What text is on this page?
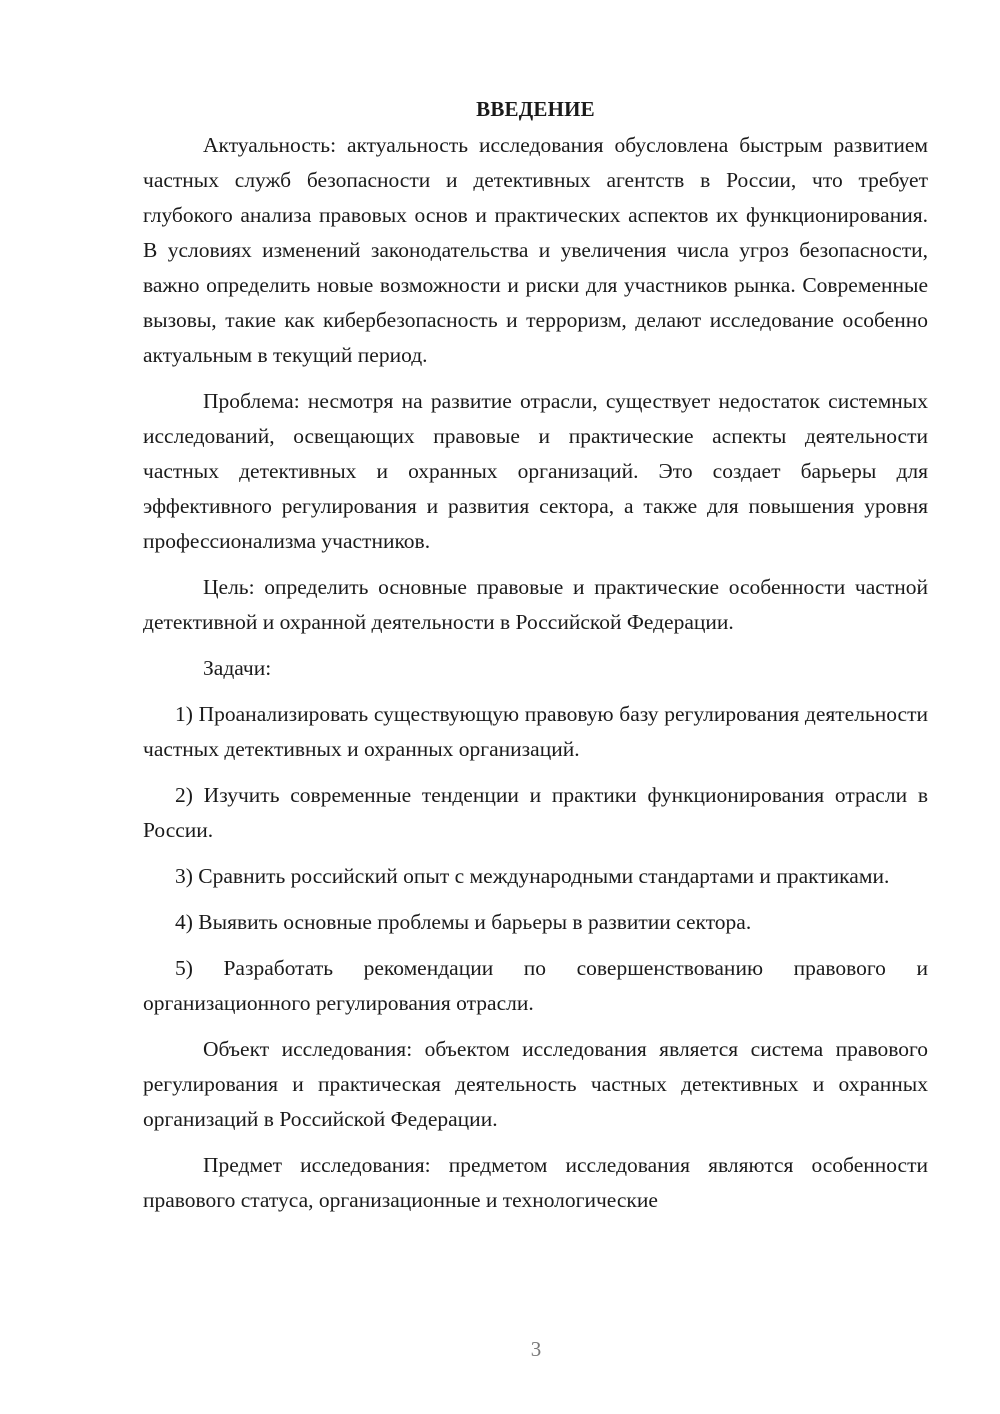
ВВЕДЕНИЕ

Актуальность: актуальность исследования обусловлена быстрым развитием частных служб безопасности и детективных агентств в России, что требует глубокого анализа правовых основ и практических аспектов их функционирования. В условиях изменений законодательства и увеличения числа угроз безопасности, важно определить новые возможности и риски для участников рынка. Современные вызовы, такие как кибербезопасность и терроризм, делают исследование особенно актуальным в текущий период.

Проблема: несмотря на развитие отрасли, существует недостаток системных исследований, освещающих правовые и практические аспекты деятельности частных детективных и охранных организаций. Это создает барьеры для эффективного регулирования и развития сектора, а также для повышения уровня профессионализма участников.

Цель: определить основные правовые и практические особенности частной детективной и охранной деятельности в Российской Федерации.

Задачи:

1) Проанализировать существующую правовую базу регулирования деятельности частных детективных и охранных организаций.

2) Изучить современные тенденции и практики функционирования отрасли в России.

3) Сравнить российский опыт с международными стандартами и практиками.

4) Выявить основные проблемы и барьеры в развитии сектора.

5) Разработать рекомендации по совершенствованию правового и организационного регулирования отрасли.

Объект исследования: объектом исследования является система правового регулирования и практическая деятельность частных детективных и охранных организаций в Российской Федерации.

Предмет исследования: предметом исследования являются особенности правового статуса, организационные и технологические

3
